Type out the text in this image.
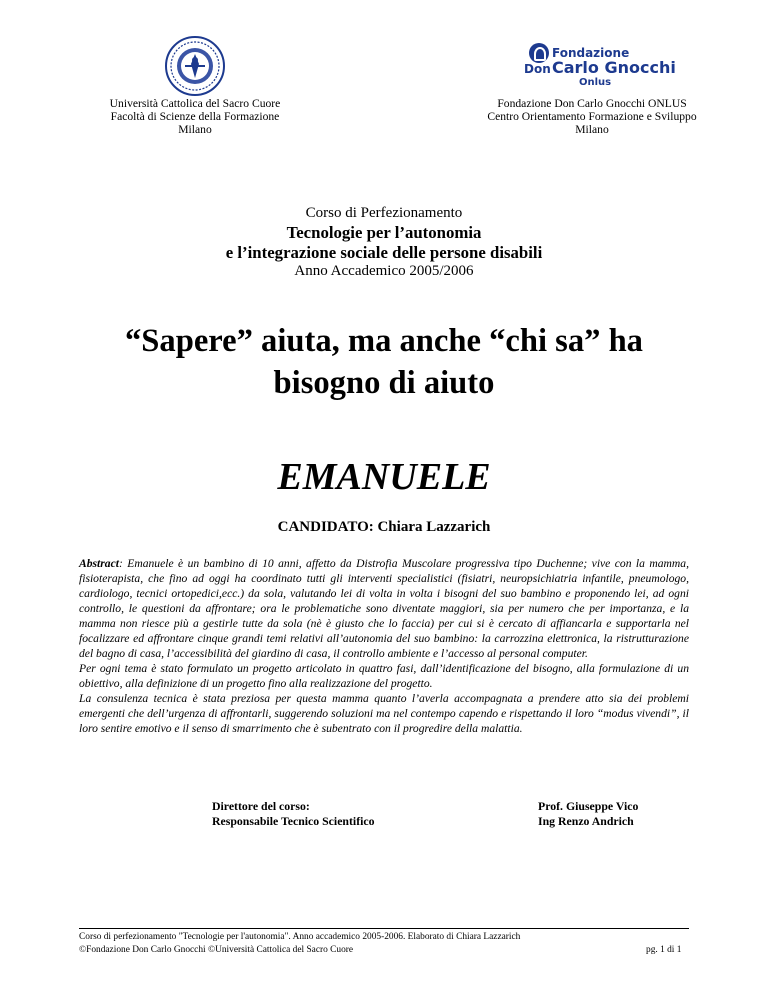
Fondazione
Don Carlo Gnocchi
Onlus
Università Cattolica del Sacro Cuore
Facoltà di Scienze della Formazione
Milano
Fondazione Don Carlo Gnocchi ONLUS
Centro Orientamento Formazione e Sviluppo
Milano
Corso di Perfezionamento
Tecnologie per l’autonomia
e l’integrazione sociale delle persone disabili
Anno Accademico 2005/2006
“Sapere” aiuta, ma anche “chi sa” ha bisogno di aiuto
EMANUELE
CANDIDATO: Chiara Lazzarich

Abstract: Emanuele è un bambino di 10 anni, affetto da Distrofia Muscolare progressiva tipo Duchenne; vive con la mamma, fisioterapista, che fino ad oggi ha coordinato tutti gli interventi specialistici (fisiatri, neuropsichiatria infantile, pneumologo, cardiologo, tecnici ortopedici,ecc.) da sola, valutando lei di volta in volta i bisogni del suo bambino e proponendo lei, ad ogni controllo, le questioni da affrontare; ora le problematiche sono diventate maggiori, sia per numero che per importanza, e la mamma non riesce più a gestirle tutte da sola (nè è giusto che lo faccia) per cui si è cercato di affiancarla e supportarla nel focalizzare ed affrontare cinque grandi temi relativi all’autonomia del suo bambino: la carrozzina elettronica, la ristrutturazione del bagno di casa, l’accessibilità del giardino di casa, il controllo ambiente e l’accesso al personal computer.

Per ogni tema è stato formulato un progetto articolato in quattro fasi, dall’identificazione del bisogno, alla formulazione di un obiettivo, alla definizione di un progetto fino alla realizzazione del progetto.

La consulenza tecnica è stata preziosa per questa mamma quanto l’averla accompagnata a prendere atto sia dei problemi emergenti che dell’urgenza di affrontarli, suggerendo soluzioni ma nel contempo capendo e rispettando il loro “modus vivendi”, il loro sentire emotivo e il senso di smarrimento che è subentrato con il progredire della malattia.

Direttore del corso:
Responsabile Tecnico Scientifico
Prof. Giuseppe Vico
Ing Renzo Andrich
Corso di perfezionamento "Tecnologie per l'autonomia". Anno accademico 2005-2006. Elaborato di Chiara Lazzarich
©Fondazione Don Carlo Gnocchi ©Università Cattolica del Sacro Cuore	pg. 1 di 1
